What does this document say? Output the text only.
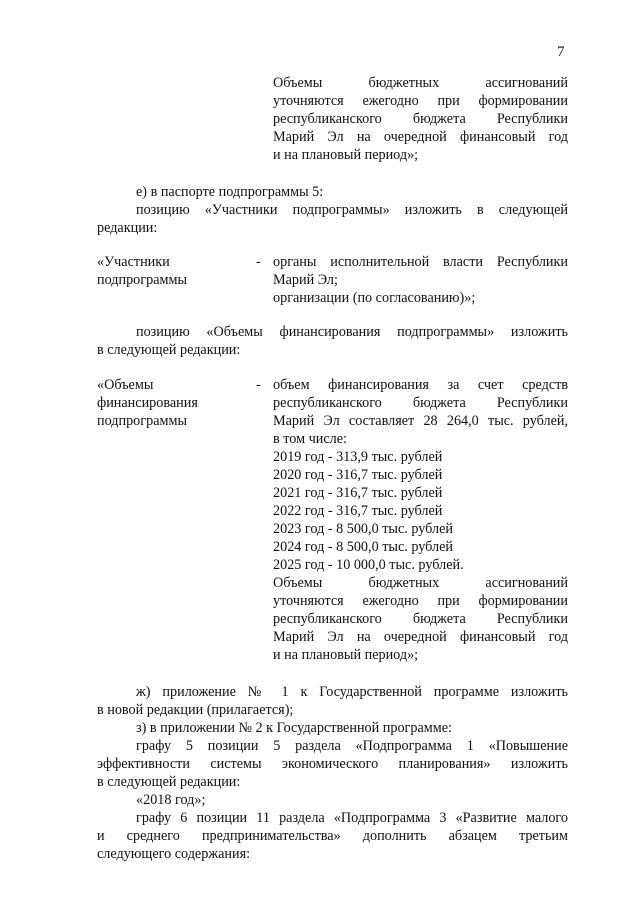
7
Объемы бюджетных ассигнований
уточняются ежегодно при формировании
республиканского бюджета Республики
Марий Эл на очередной финансовый год
и на плановый период»;
е) в паспорте подпрограммы 5:
позицию «Участники подпрограммы» изложить в следующей
редакции:
«Участники
подпрограммы
- органы исполнительной власти Республики
Марий Эл;
организации (по согласованию)»;
позицию «Объемы финансирования подпрограммы» изложить
в следующей редакции:
«Объемы
финансирования
подпрограммы
- объем финансирования за счет средств
республиканского бюджета Республики
Марий Эл составляет 28 264,0 тыс. рублей,
в том числе:
2019 год - 313,9 тыс. рублей
2020 год - 316,7 тыс. рублей
2021 год - 316,7 тыс. рублей
2022 год - 316,7 тыс. рублей
2023 год - 8 500,0 тыс. рублей
2024 год - 8 500,0 тыс. рублей
2025 год - 10 000,0 тыс. рублей.
Объемы бюджетных ассигнований
уточняются ежегодно при формировании
республиканского бюджета Республики
Марий Эл на очередной финансовый год
и на плановый период»;
ж) приложение № 1 к Государственной программе изложить
в новой редакции (прилагается);
з) в приложении № 2 к Государственной программе:
графу 5 позиции 5 раздела «Подпрограмма 1 «Повышение
эффективности системы экономического планирования» изложить
в следующей редакции:
«2018 год»;
графу 6 позиции 11 раздела «Подпрограмма 3 «Развитие малого
и среднего предпринимательства» дополнить абзацем третьим
следующего содержания:
